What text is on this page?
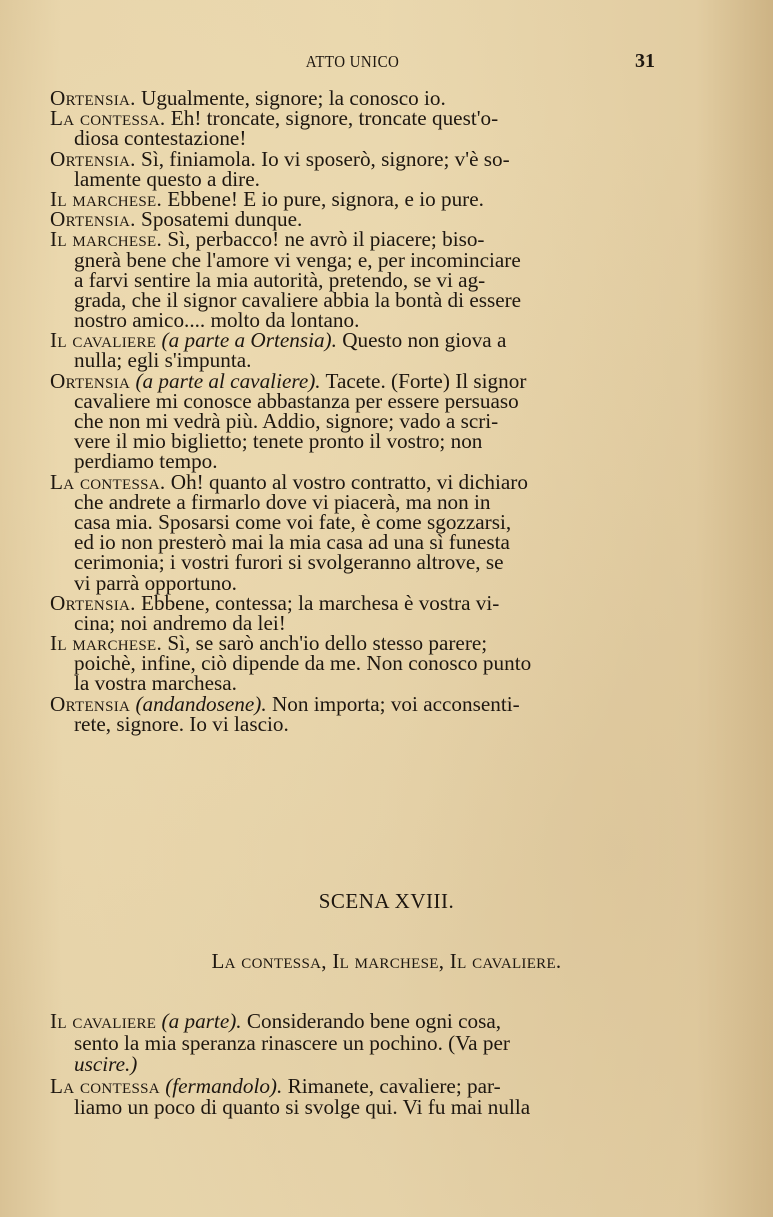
ATTO UNICO	31
Ortensia. Ugualmente, signore; la conosco io.
La contessa. Eh! troncate, signore, troncate quest'o-
diosa contestazione!
Ortensia. Sì, finiamola. Io vi sposerò, signore; v'è so-
lamente questo a dire.
Il marchese. Ebbene! E io pure, signora, e io pure.
Ortensia. Sposatemi dunque.
Il marchese. Sì, perbacco! ne avrò il piacere; biso-
gnerà bene che l'amore vi venga; e, per incominciare
a farvi sentire la mia autorità, pretendo, se vi ag-
grada, che il signor cavaliere abbia la bontà di essere
nostro amico.... molto da lontano.
Il cavaliere (a parte a Ortensia). Questo non giova a
nulla; egli s'impunta.
Ortensia (a parte al cavaliere). Tacete. (Forte) Il signor
cavaliere mi conosce abbastanza per essere persuaso
che non mi vedrà più. Addio, signore; vado a scri-
vere il mio biglietto; tenete pronto il vostro; non
perdiamo tempo.
La contessa. Oh! quanto al vostro contratto, vi dichiaro
che andrete a firmarlo dove vi piacerà, ma non in
casa mia. Sposarsi come voi fate, è come sgozzarsi,
ed io non presterò mai la mia casa ad una sì funesta
cerimonia; i vostri furori si svolgeranno altrove, se
vi parrà opportuno.
Ortensia. Ebbene, contessa; la marchesa è vostra vi-
cina; noi andremo da lei!
Il marchese. Sì, se sarò anch'io dello stesso parere;
poichè, infine, ciò dipende da me. Non conosco punto
la vostra marchesa.
Ortensia (andandosene). Non importa; voi acconsenti-
rete, signore. Io vi lascio.
SCENA XVIII.
La contessa, Il marchese, Il cavaliere.
Il cavaliere (a parte). Considerando bene ogni cosa,
sento la mia speranza rinascere un pochino. (Va per
uscire.)
La contessa (fermandolo). Rimanete, cavaliere; par-
liamo un poco di quanto si svolge qui. Vi fu mai nulla
